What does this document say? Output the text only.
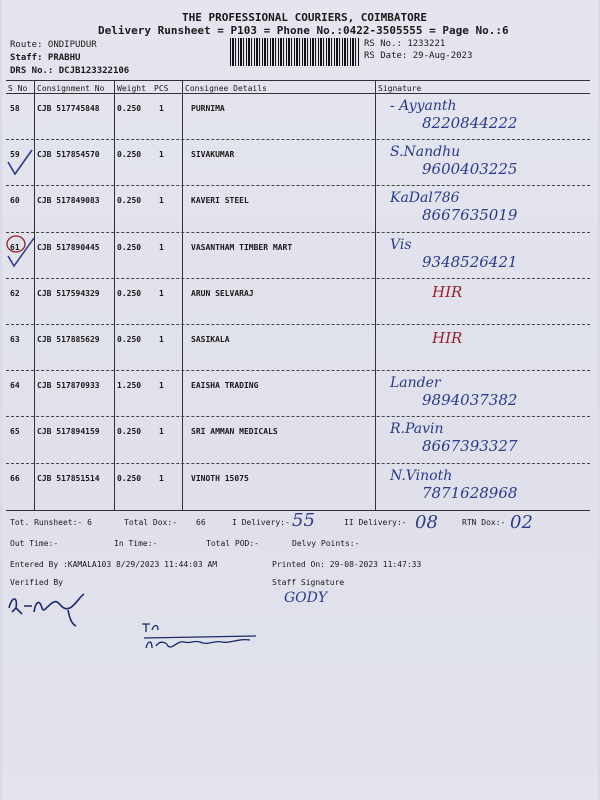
THE PROFESSIONAL COURIERS, COIMBATORE
Delivery Runsheet = P103 = Phone No.:0422-3505555 = Page No.:6
Route: ONDIPUDUR
Staff: PRABHU
DRS No.: DCJB123322106
RS No.: 1233221
RS Date: 29-Aug-2023
S No Consignment No Weight PCS Consignee Details	Signature
58 CJB 517745848 0.250 1	PURNIMA	- Ayyanth
8220844222
59 CJB 517854570 0.250 1	SIVAKUMAR	S.Nandhu
9600403225
60 CJB 517849083 0.250 1	KAVERI STEEL	KaDal786
8667635019
61 CJB 517890445 0.250 1	VASANTHAM TIMBER MART	Vis
9348526421
62 CJB 517594329 0.250 1	ARUN SELVARAJ	HIR
63 CJB 517885629 0.250 1	SASIKALA	HIR
64 CJB 517870933 1.250 1	EAISHA TRADING	Lander
9894037382
65 CJB 517894159 0.250 1	SRI AMMAN MEDICALS	R.Pavin
8667393327
66 CJB 517851514 0.250 1	VINOTH 15075	N.Vinoth
7871628968
Tot. Runsheet:- 6	Total Dox:- 66	I Delivery:- 55	II Delivery:- 08	RTN Dox:- 02
Out Time:-	In Time:-	Total POD:-	Delvy Points:-
Entered By :KAMALA103 8/29/2023 11:44:03 AM	Printed On: 29-08-2023 11:47:33
Verified By	Staff Signature
GODY
